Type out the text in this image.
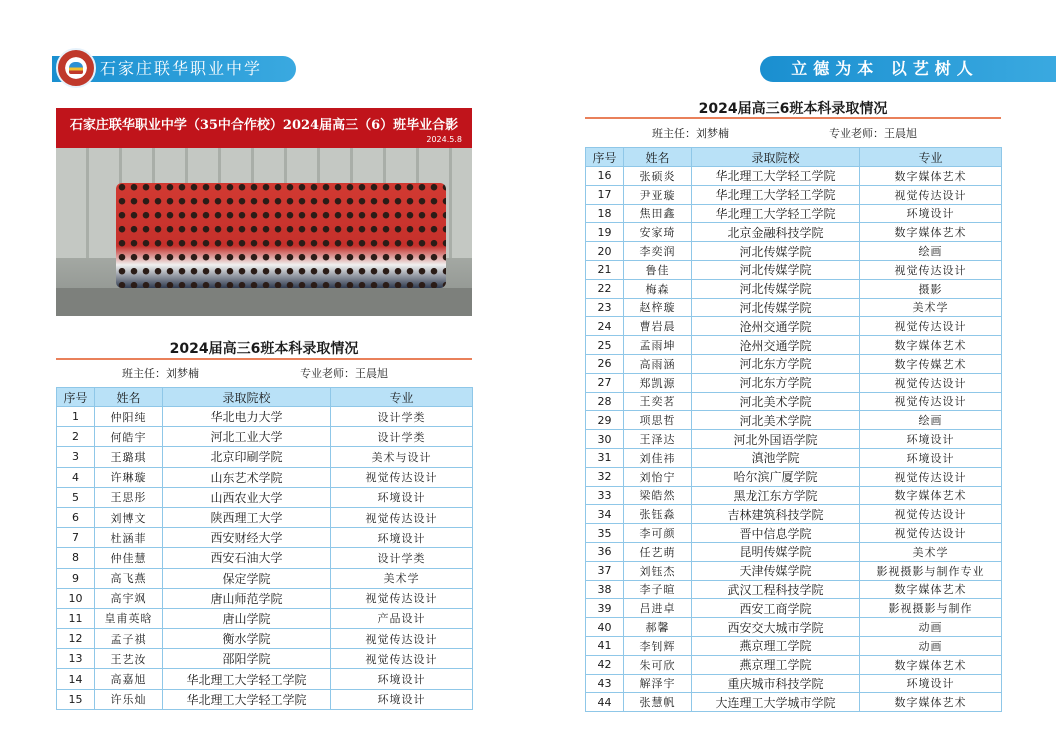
石家庄联华职业中学	立德为本 以艺树人
石家庄联华职业中学（35中合作校）2024届高三（6）班毕业合影
2024.5.8
2024届高三6班本科录取情况
班主任：刘梦楠	专业老师：王晨旭
序号	姓名	录取院校	专业
1	仲阳纯	华北电力大学	设计学类
2	何皓宇	河北工业大学	设计学类
3	王璐琪	北京印刷学院	美术与设计
4	许琳璇	山东艺术学院	视觉传达设计
5	王思彤	山西农业大学	环境设计
6	刘博文	陕西理工大学	视觉传达设计
7	杜涵菲	西安财经大学	环境设计
8	仲佳慧	西安石油大学	设计学类
9	高飞燕	保定学院	美术学
10	高宇飒	唐山师范学院	视觉传达设计
11	皇甫英晗	唐山学院	产品设计
12	孟子祺	衡水学院	视觉传达设计
13	王艺汝	邵阳学院	视觉传达设计
14	高嘉旭	华北理工大学轻工学院	环境设计
15	许乐灿	华北理工大学轻工学院	环境设计
2024届高三6班本科录取情况
班主任：刘梦楠	专业老师：王晨旭
序号	姓名	录取院校	专业
16	张硕炎	华北理工大学轻工学院	数字媒体艺术
17	尹亚璇	华北理工大学轻工学院	视觉传达设计
18	焦田鑫	华北理工大学轻工学院	环境设计
19	安家琦	北京金融科技学院	数字媒体艺术
20	李奕润	河北传媒学院	绘画
21	鲁佳	河北传媒学院	视觉传达设计
22	梅森	河北传媒学院	摄影
23	赵梓璇	河北传媒学院	美术学
24	曹岩晨	沧州交通学院	视觉传达设计
25	孟雨坤	沧州交通学院	数字媒体艺术
26	高雨涵	河北东方学院	数字传媒艺术
27	郑凯源	河北东方学院	视觉传达设计
28	王奕茗	河北美术学院	视觉传达设计
29	项思哲	河北美术学院	绘画
30	王泽达	河北外国语学院	环境设计
31	刘佳祎	滇池学院	环境设计
32	刘怡宁	哈尔滨广厦学院	视觉传达设计
33	梁皓然	黑龙江东方学院	数字媒体艺术
34	张钰淼	吉林建筑科技学院	视觉传达设计
35	李可颜	晋中信息学院	视觉传达设计
36	任艺萌	昆明传媒学院	美术学
37	刘钰杰	天津传媒学院	影视摄影与制作专业
38	李子暄	武汉工程科技学院	数字媒体艺术
39	吕进卓	西安工商学院	影视摄影与制作
40	郝馨	西安交大城市学院	动画
41	李钊辉	燕京理工学院	动画
42	朱可欣	燕京理工学院	数字媒体艺术
43	解泽宇	重庆城市科技学院	环境设计
44	张慧帆	大连理工大学城市学院	数字媒体艺术
